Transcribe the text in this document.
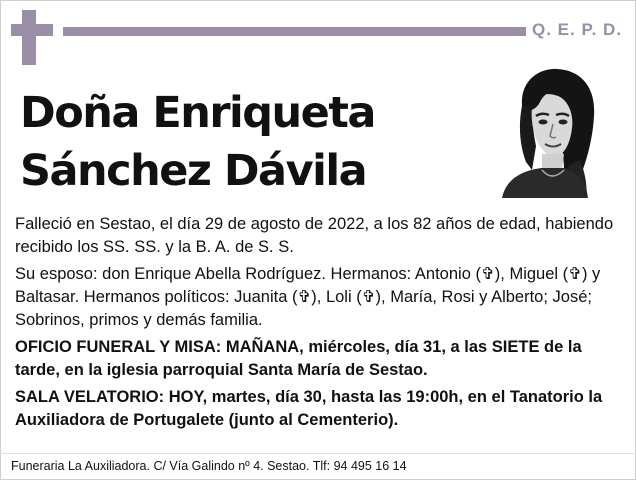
Q. E. P. D.
Doña Enriqueta
Sánchez Dávila

Falleció en Sestao, el día 29 de agosto de 2022, a los 82 años de edad, habiendo recibido los SS. SS. y la B. A. de S. S.

Su esposo: don Enrique Abella Rodríguez. Hermanos: Antonio (✞), Miguel (✞) y Baltasar. Hermanos políticos: Juanita (✞), Loli (✞), María, Rosi y Alberto; José; Sobrinos, primos y demás familia.

OFICIO FUNERAL Y MISA: MAÑANA, miércoles, día 31, a las SIETE de la tarde, en la iglesia parroquial Santa María de Sestao.

SALA VELATORIO: HOY, martes, día 30, hasta las 19:00h, en el Tanatorio la Auxiliadora de Portugalete (junto al Cementerio).

Funeraria La Auxiliadora. C/ Vía Galindo nº 4. Sestao. Tlf: 94 495 16 14
